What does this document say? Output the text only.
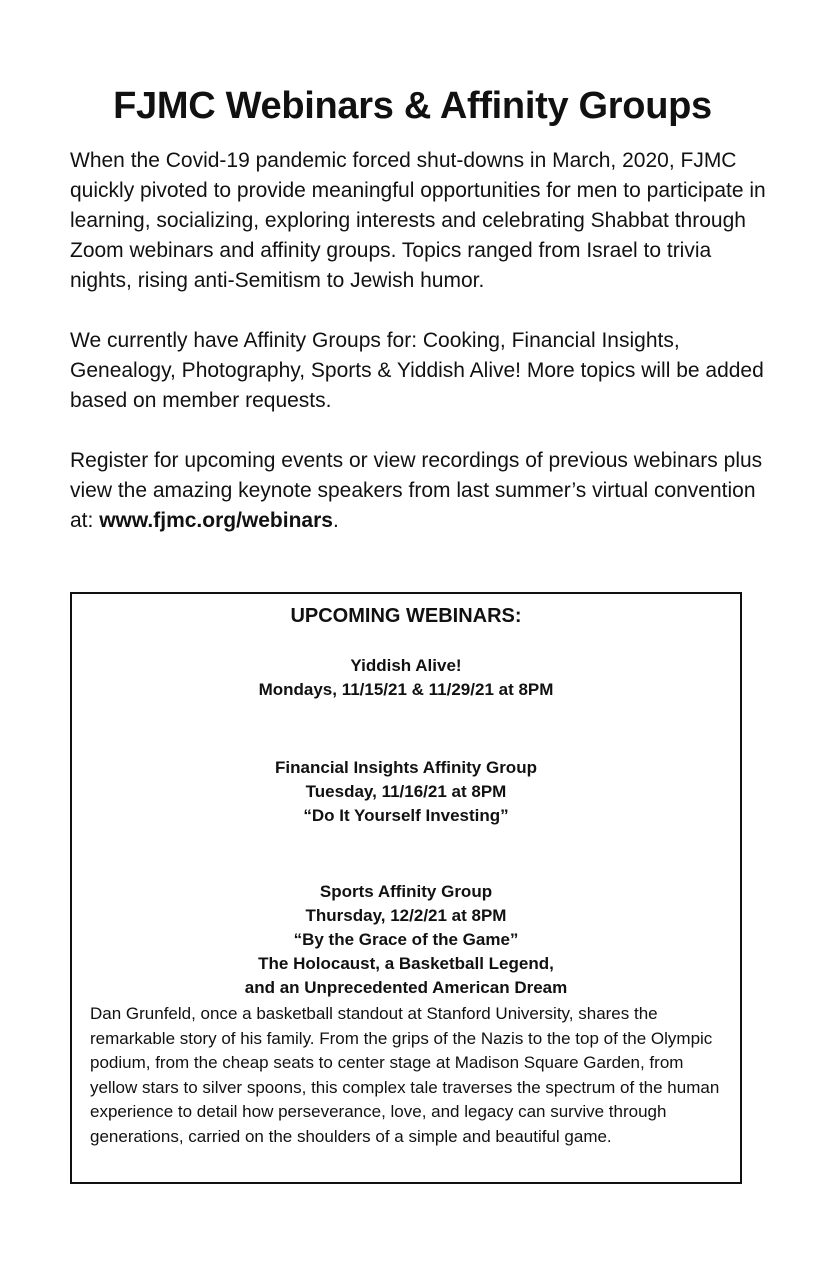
FJMC Webinars & Affinity Groups

When the Covid-19 pandemic forced shut-downs in March, 2020, FJMC quickly pivoted to provide meaningful opportunities for men to participate in learning, socializing, exploring interests and celebrating Shabbat through Zoom webinars and affinity groups. Topics ranged from Israel to trivia nights, rising anti-Semitism to Jewish humor.

We currently have Affinity Groups for: Cooking, Financial Insights, Genealogy, Photography, Sports & Yiddish Alive! More topics will be added based on member requests.

Register for upcoming events or view recordings of previous webinars plus view the amazing keynote speakers from last summer’s virtual convention at: www.fjmc.org/webinars.

UPCOMING WEBINARS:
Yiddish Alive!
Mondays, 11/15/21 & 11/29/21 at 8PM
Financial Insights Affinity Group
Tuesday, 11/16/21 at 8PM
“Do It Yourself Investing”
Sports Affinity Group
Thursday, 12/2/21 at 8PM
“By the Grace of the Game”
The Holocaust, a Basketball Legend,
and an Unprecedented American Dream
Dan Grunfeld, once a basketball standout at Stanford University, shares the remarkable story of his family. From the grips of the Nazis to the top of the Olympic podium, from the cheap seats to center stage at Madison Square Garden, from yellow stars to silver spoons, this complex tale traverses the spectrum of the human experience to detail how perseverance, love, and legacy can survive through generations, carried on the shoulders of a simple and beautiful game.
